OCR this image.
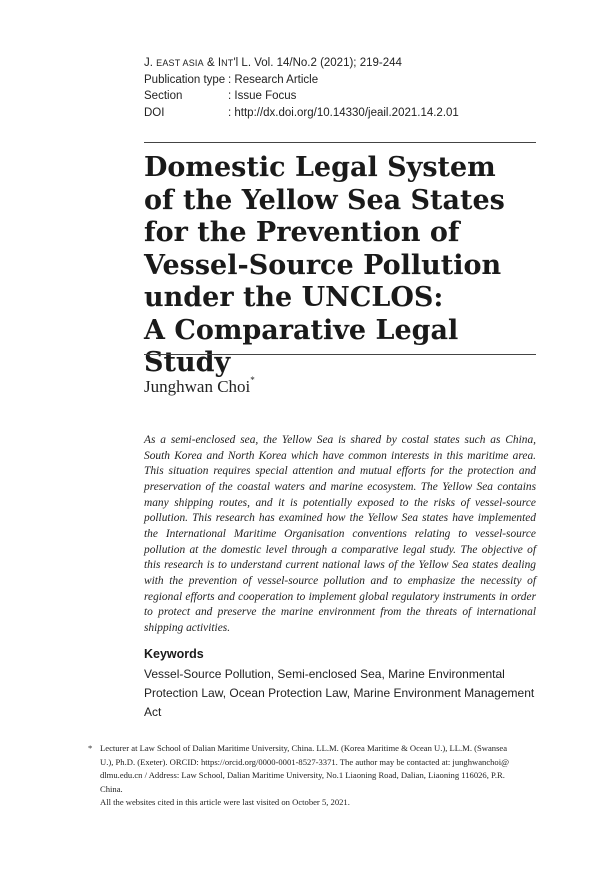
J. EAST ASIA & INT'l L. Vol. 14/No.2 (2021); 219-244
Publication type : Research Article
Section	: Issue Focus
DOI	: http://dx.doi.org/10.14330/jeail.2021.14.2.01
Domestic Legal System
of the Yellow Sea States
for the Prevention of
Vessel-Source Pollution
under the UNCLOS:
A Comparative Legal Study
Junghwan Choi*

As a semi-enclosed sea, the Yellow Sea is shared by costal states such as China, South Korea and North Korea which have common interests in this maritime area. This situation requires special attention and mutual efforts for the protection and preservation of the coastal waters and marine ecosystem. The Yellow Sea contains many shipping routes, and it is potentially exposed to the risks of vessel-source pollution. This research has examined how the Yellow Sea states have implemented the International Maritime Organisation conventions relating to vessel-source pollution at the domestic level through a comparative legal study. The objective of this research is to understand current national laws of the Yellow Sea states dealing with the prevention of vessel-source pollution and to emphasize the necessity of regional efforts and cooperation to implement global regulatory instruments in order to protect and preserve the marine environment from the threats of international shipping activities.

Keywords

Vessel-Source Pollution, Semi-enclosed Sea, Marine Environmental Protection Law, Ocean Protection Law, Marine Environment Management Act

* Lecturer at Law School of Dalian Maritime University, China. LL.M. (Korea Maritime & Ocean U.), LL.M. (Swansea
U.), Ph.D. (Exeter). ORCID: https://orcid.org/0000-0001-8527-3371. The author may be contacted at: junghwanchoi@
dlmu.edu.cn / Address: Law School, Dalian Maritime University, No.1 Liaoning Road, Dalian, Liaoning 116026, P.R.
China.
All the websites cited in this article were last visited on October 5, 2021.
